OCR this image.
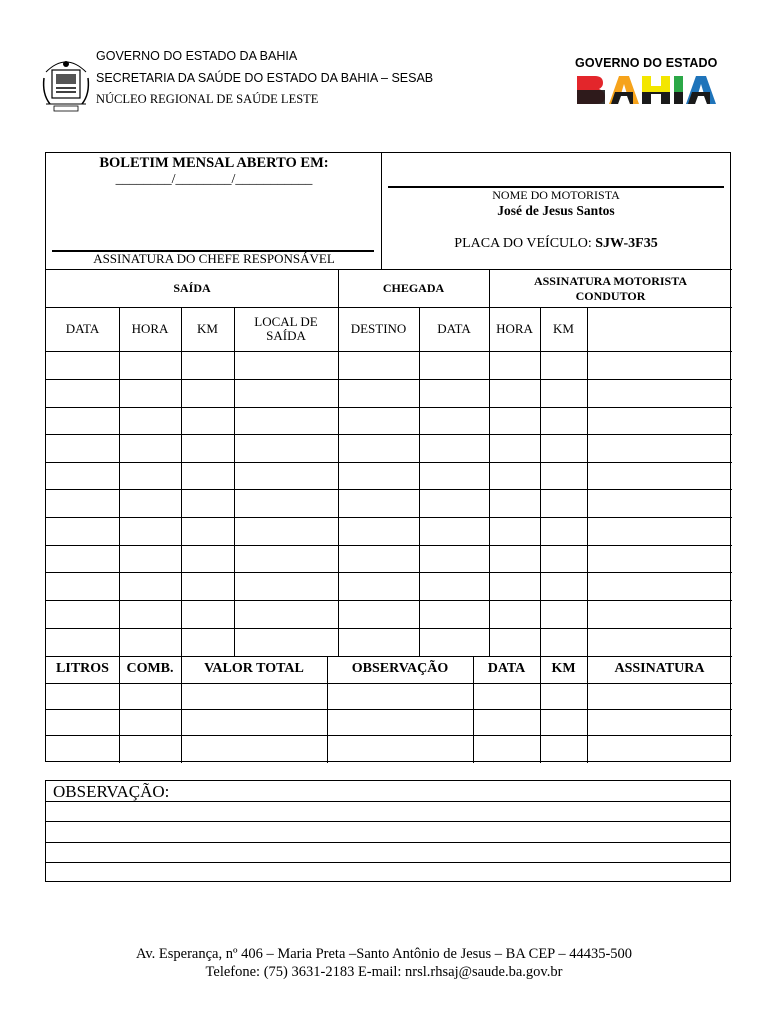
GOVERNO DO ESTADO DA BAHIA
SECRETARIA DA SAÚDE DO ESTADO DA BAHIA – SESAB
NÚCLEO REGIONAL DE SAÚDE LESTE
GOVERNO DO ESTADO
BOLETIM MENSAL ABERTO EM:
________/________/___________
ASSINATURA DO CHEFE RESPONSÁVEL
NOME DO MOTORISTA
José de Jesus Santos
PLACA DO VEÍCULO: SJW-3F35
SAÍDA	CHEGADA	ASSINATURA MOTORISTA
CONDUTOR
DATA	HORA	KM	LOCAL DE SAÍDA	DESTINO	DATA	HORA	KM
LITROS	COMB.	VALOR TOTAL	OBSERVAÇÃO	DATA	KM	ASSINATURA
OBSERVAÇÃO:
Av. Esperança, nº 406 – Maria Preta –Santo Antônio de Jesus – BA CEP – 44435-500
Telefone: (75) 3631-2183 E-mail: nrsl.rhsaj@saude.ba.gov.br
